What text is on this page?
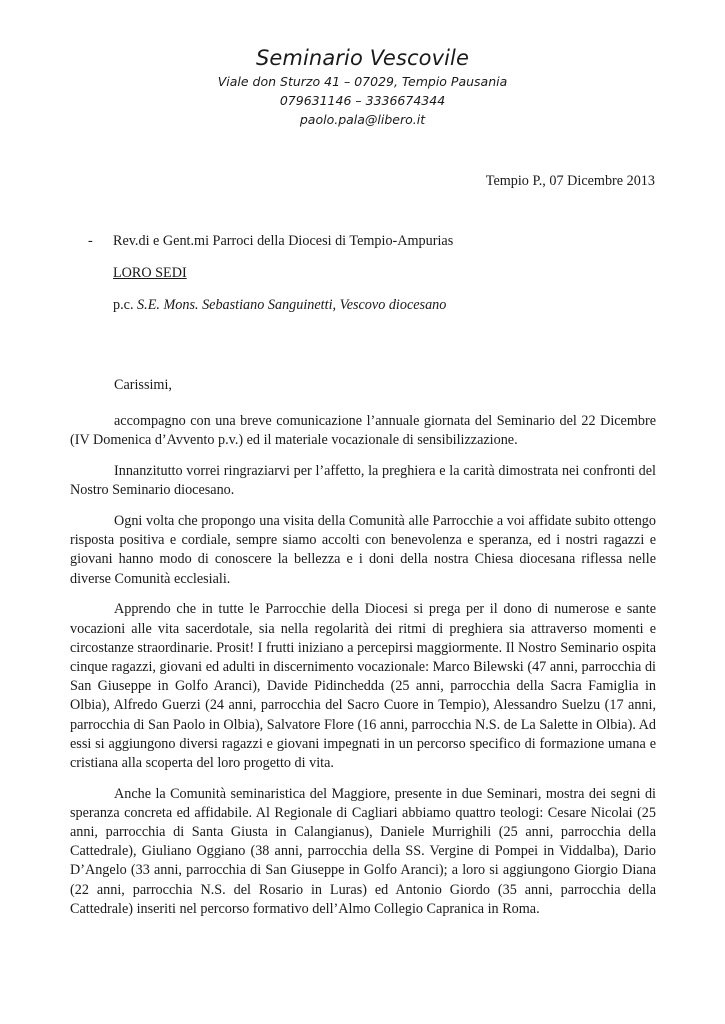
Seminario Vescovile
Viale don Sturzo 41 – 07029, Tempio Pausania
079631146 – 3336674344
paolo.pala@libero.it
Tempio P., 07 Dicembre 2013
- Rev.di e Gent.mi Parroci della Diocesi di Tempio-Ampurias
LORO SEDI
p.c. S.E. Mons. Sebastiano Sanguinetti, Vescovo diocesano

Carissimi,

accompagno con una breve comunicazione l’annuale giornata del Seminario del 22 Dicembre (IV Domenica d’Avvento p.v.) ed il materiale vocazionale di sensibilizzazione.

Innanzitutto vorrei ringraziarvi per l’affetto, la preghiera e la carità dimostrata nei confronti del Nostro Seminario diocesano.

Ogni volta che propongo una visita della Comunità alle Parrocchie a voi affidate subito ottengo risposta positiva e cordiale, sempre siamo accolti con benevolenza e speranza, ed i nostri ragazzi e giovani hanno modo di conoscere la bellezza e i doni della nostra Chiesa diocesana riflessa nelle diverse Comunità ecclesiali.

Apprendo che in tutte le Parrocchie della Diocesi si prega per il dono di numerose e sante vocazioni alle vita sacerdotale, sia nella regolarità dei ritmi di preghiera sia attraverso momenti e circostanze straordinarie. Prosit! I frutti iniziano a percepirsi maggiormente. Il Nostro Seminario ospita cinque ragazzi, giovani ed adulti in discernimento vocazionale: Marco Bilewski (47 anni, parrocchia di San Giuseppe in Golfo Aranci), Davide Pidinchedda (25 anni, parrocchia della Sacra Famiglia in Olbia), Alfredo Guerzi (24 anni, parrocchia del Sacro Cuore in Tempio), Alessandro Suelzu (17 anni, parrocchia di San Paolo in Olbia), Salvatore Flore (16 anni, parrocchia N.S. de La Salette in Olbia). Ad essi si aggiungono diversi ragazzi e giovani impegnati in un percorso specifico di formazione umana e cristiana alla scoperta del loro progetto di vita.

Anche la Comunità seminaristica del Maggiore, presente in due Seminari, mostra dei segni di speranza concreta ed affidabile. Al Regionale di Cagliari abbiamo quattro teologi: Cesare Nicolai (25 anni, parrocchia di Santa Giusta in Calangianus), Daniele Murrighili (25 anni, parrocchia della Cattedrale), Giuliano Oggiano (38 anni, parrocchia della SS. Vergine di Pompei in Viddalba), Dario D’Angelo (33 anni, parrocchia di San Giuseppe in Golfo Aranci); a loro si aggiungono Giorgio Diana (22 anni, parrocchia N.S. del Rosario in Luras) ed Antonio Giordo (35 anni, parrocchia della Cattedrale) inseriti nel percorso formativo dell’Almo Collegio Capranica in Roma.
